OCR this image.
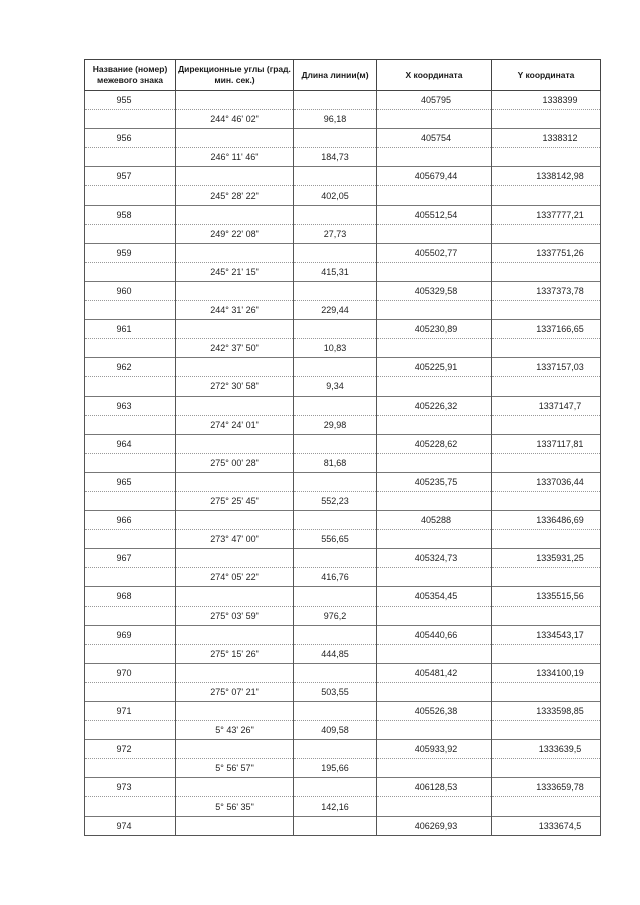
Название (номер) межевого знака	Дирекционные углы (град. мин. сек.)	Длина линии(м)	X координата	Y координата
955			405795	1338399
	244° 46' 02"	96,18		
956			405754	1338312
	246° 11' 46"	184,73		
957			405679,44	1338142,98
	245° 28' 22"	402,05		
958			405512,54	1337777,21
	249° 22' 08"	27,73		
959			405502,77	1337751,26
	245° 21' 15"	415,31		
960			405329,58	1337373,78
	244° 31' 26"	229,44		
961			405230,89	1337166,65
	242° 37' 50"	10,83		
962			405225,91	1337157,03
	272° 30' 58"	9,34		
963			405226,32	1337147,7
	274° 24' 01"	29,98		
964			405228,62	1337117,81
	275° 00' 28"	81,68		
965			405235,75	1337036,44
	275° 25' 45"	552,23		
966			405288	1336486,69
	273° 47' 00"	556,65		
967			405324,73	1335931,25
	274° 05' 22"	416,76		
968			405354,45	1335515,56
	275° 03' 59"	976,2		
969			405440,66	1334543,17
	275° 15' 26"	444,85		
970			405481,42	1334100,19
	275° 07' 21"	503,55		
971			405526,38	1333598,85
	5° 43' 26"	409,58		
972			405933,92	1333639,5
	5° 56' 57"	195,66		
973			406128,53	1333659,78
	5° 56' 35"	142,16		
974			406269,93	1333674,5
